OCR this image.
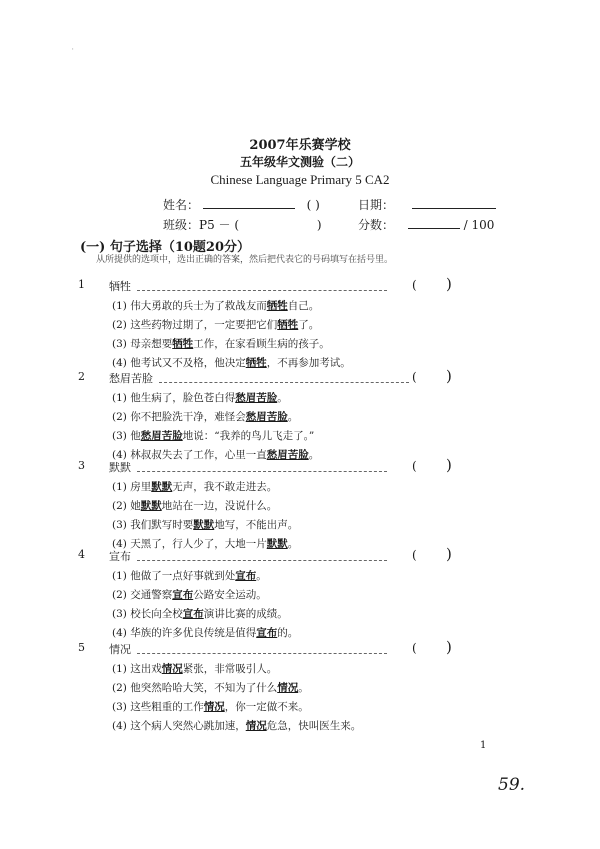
'
2007年乐赛学校
五年级华文测验（二）
Chinese Language Primary 5 CA2
姓名：	( )	日期：
班级：P5 － (	)	分数：	/ 100
(一) 句子选择（10题20分）
从所提供的选项中，选出正确的答案，然后把代表它的号码填写在括号里。
1 牺牲	( )
(1) 伟大勇敢的兵士为了救战友而牺牲自己。
(2) 这些药物过期了，一定要把它们牺牲了。
(3) 母亲想要牺牲工作，在家看顾生病的孩子。
(4) 他考试又不及格，他决定牺牲，不再参加考试。
2 愁眉苦脸	( )
(1) 他生病了，脸色苍白得愁眉苦脸。
(2) 你不把脸洗干净，难怪会愁眉苦脸。
(3) 他愁眉苦脸地说：“我养的鸟儿飞走了。”
(4) 林叔叔失去了工作，心里一直愁眉苦脸。
3 默默	( )
(1) 房里默默无声，我不敢走进去。
(2) 她默默地站在一边，没说什么。
(3) 我们默写时要默默地写，不能出声。
(4) 天黑了，行人少了，大地一片默默。
4 宣布	( )
(1) 他做了一点好事就到处宣布。
(2) 交通警察宣布公路安全运动。
(3) 校长向全校宣布演讲比赛的成绩。
(4) 华族的许多优良传统是值得宣布的。
5 情况	( )
(1) 这出戏情况紧张，非常吸引人。
(2) 他突然哈哈大笑，不知为了什么情况。
(3) 这些粗重的工作情况，你一定做不来。
(4) 这个病人突然心跳加速，情况危急，快叫医生来。
1
59.
